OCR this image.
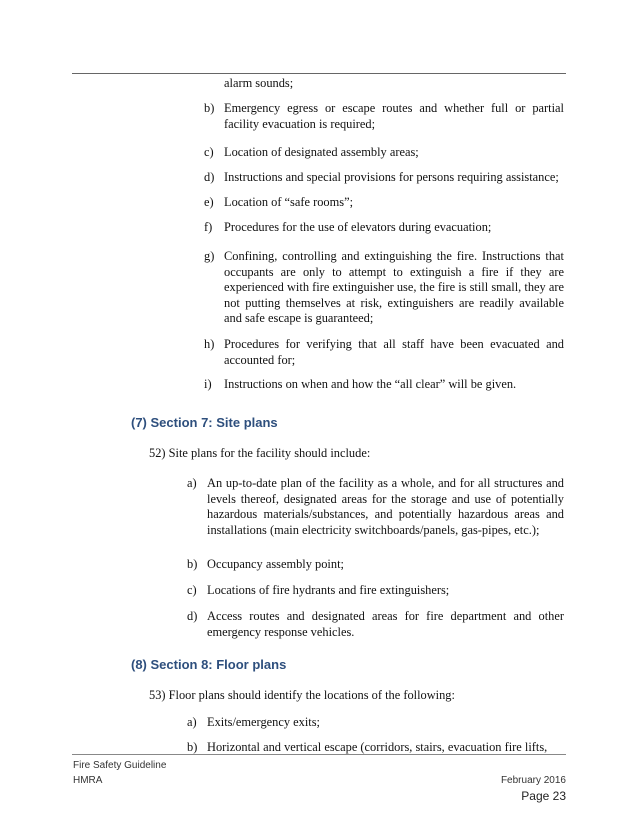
alarm sounds;
b) Emergency egress or escape routes and whether full or partial facility evacuation is required;
c) Location of designated assembly areas;
d) Instructions and special provisions for persons requiring assistance;
e) Location of “safe rooms”;
f) Procedures for the use of elevators during evacuation;
g) Confining, controlling and extinguishing the fire. Instructions that occupants are only to attempt to extinguish a fire if they are experienced with fire extinguisher use, the fire is still small, they are not putting themselves at risk, extinguishers are readily available and safe escape is guaranteed;
h) Procedures for verifying that all staff have been evacuated and accounted for;
i) Instructions on when and how the “all clear” will be given.
(7) Section 7: Site plans
52) Site plans for the facility should include:
a) An up-to-date plan of the facility as a whole, and for all structures and levels thereof, designated areas for the storage and use of potentially hazardous materials/substances, and potentially hazardous areas and installations (main electricity switchboards/panels, gas-pipes, etc.);
b) Occupancy assembly point;
c) Locations of fire hydrants and fire extinguishers;
d) Access routes and designated areas for fire department and other emergency response vehicles.
(8) Section 8: Floor plans
53) Floor plans should identify the locations of the following:
a) Exits/emergency exits;
b) Horizontal and vertical escape (corridors, stairs, evacuation fire lifts,
Fire Safety Guideline
HMRA	February 2016
Page 23
